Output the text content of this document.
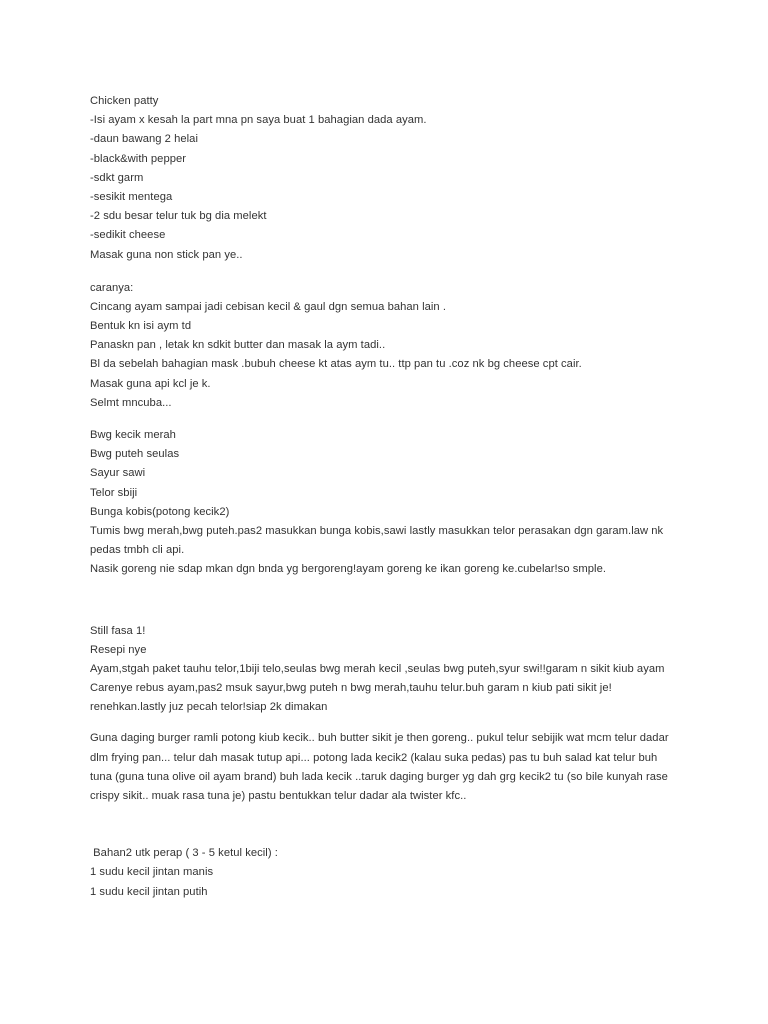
Chicken patty
-Isi ayam x kesah la part mna pn saya buat 1 bahagian dada ayam.
-daun bawang 2 helai
-black&with pepper
-sdkt garm
-sesikit mentega
-2 sdu besar telur tuk bg dia melekt
-sedikit cheese
Masak guna non stick pan ye..
caranya:
Cincang ayam sampai jadi cebisan kecil & gaul dgn semua bahan lain .
Bentuk kn isi aym td
Panaskn pan , letak kn sdkit butter dan masak la aym tadi..
Bl da sebelah bahagian mask .bubuh cheese kt atas aym tu.. ttp pan tu .coz nk bg cheese cpt cair.
Masak guna api kcl je k.
Selmt mncuba...
Bwg kecik merah
Bwg puteh seulas
Sayur sawi
Telor sbiji
Bunga kobis(potong kecik2)
Tumis bwg merah,bwg puteh.pas2 masukkan bunga kobis,sawi lastly masukkan telor perasakan dgn garam.law nk
pedas tmbh cli api.
Nasik goreng nie sdap mkan dgn bnda yg bergoreng!ayam goreng ke ikan goreng ke.cubelar!so smple.
Still fasa 1!
Resepi nye
Ayam,stgah paket tauhu telor,1biji telo,seulas bwg merah kecil ,seulas bwg puteh,syur swi!!garam n sikit kiub ayam
Carenye rebus ayam,pas2 msuk sayur,bwg puteh n bwg merah,tauhu telur.buh garam n kiub pati sikit je!
renehkan.lastly juz pecah telor!siap 2k dimakan
Guna daging burger ramli potong kiub kecik.. buh butter sikit je then goreng.. pukul telur sebijik wat mcm telur dadar
dlm frying pan... telur dah masak tutup api... potong lada kecik2 (kalau suka pedas) pas tu buh salad kat telur buh
tuna (guna tuna olive oil ayam brand) buh lada kecik ..taruk daging burger yg dah grg kecik2 tu (so bile kunyah rase
crispy sikit.. muak rasa tuna je) pastu bentukkan telur dadar ala twister kfc..
Bahan2 utk perap ( 3 - 5 ketul kecil) :
1 sudu kecil jintan manis
1 sudu kecil jintan putih
